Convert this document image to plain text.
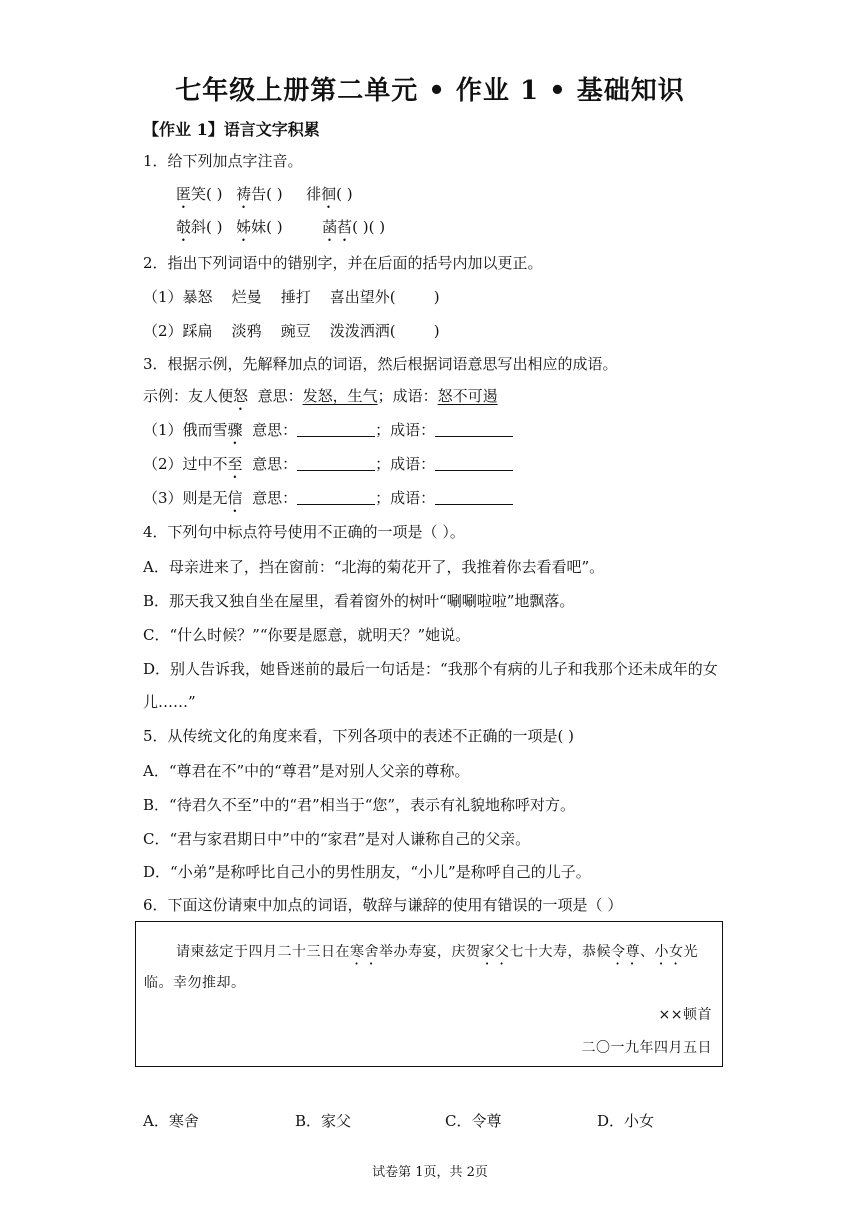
七年级上册第二单元 • 作业 1 • 基础知识
【作业 1】语言文字积累
1．给下列加点字注音。
匿笑( ) 祷告( ) 徘徊( )
攲斜( ) 姊妹( )	菡萏( )( )
2．指出下列词语中的错别字，并在后面的括号内加以更正。
（1）暴怒    烂曼    捶打    喜出望外(        )
（2）踩扁    淡鸦    豌豆    泼泼洒洒(        )
3．根据示例，先解释加点的词语，然后根据词语意思写出相应的成语。
示例：友人便怒  意思：发怒，生气；成语：怒不可遏
（1）俄而雪骤  意思：	；成语：
（2）过中不至  意思：	；成语：
（3）则是无信  意思：	；成语：
4．下列句中标点符号使用不正确的一项是（ ）。
A．母亲进来了，挡在窗前：“北海的菊花开了，我推着你去看看吧”。
B．那天我又独自坐在屋里，看着窗外的树叶“唰唰啦啦”地飘落。
C．“什么时候？”“你要是愿意，就明天？”她说。
D．别人告诉我，她昏迷前的最后一句话是：“我那个有病的儿子和我那个还未成年的女
儿……”
5．从传统文化的角度来看，下列各项中的表述不正确的一项是( )
A．“尊君在不”中的“尊君”是对别人父亲的尊称。
B．“待君久不至”中的“君”相当于“您”，表示有礼貌地称呼对方。
C．“君与家君期日中”中的“家君”是对人谦称自己的父亲。
D．“小弟”是称呼比自己小的男性朋友，“小儿”是称呼自己的儿子。
6．下面这份请柬中加点的词语，敬辞与谦辞的使用有错误的一项是（ ）
请柬兹定于四月二十三日在寒舍举办寿宴，庆贺家父七十大寿，恭候令尊、小女光
临。幸勿推却。
××顿首
二〇一九年四月五日
A．寒舍	B．家父	C．令尊	D．小女
试卷第 1页，共 2页
